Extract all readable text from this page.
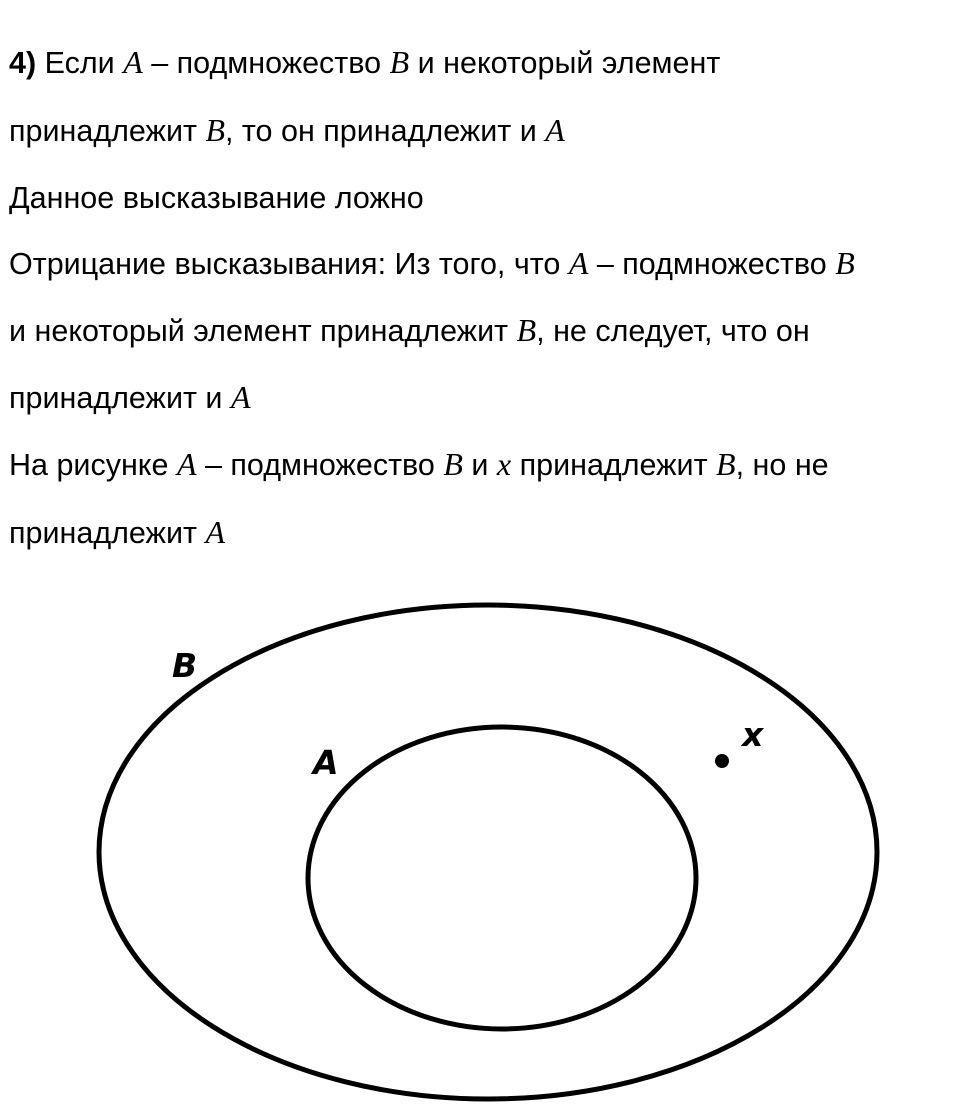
4) Если A – подмножество B и некоторый элемент
принадлежит B, то он принадлежит и A
Данное высказывание ложно
Отрицание высказывания: Из того, что A – подмножество B
и некоторый элемент принадлежит B, не следует, что он
принадлежит и A
На рисунке A – подмножество B и x принадлежит B, но не
принадлежит A
B
A
x
